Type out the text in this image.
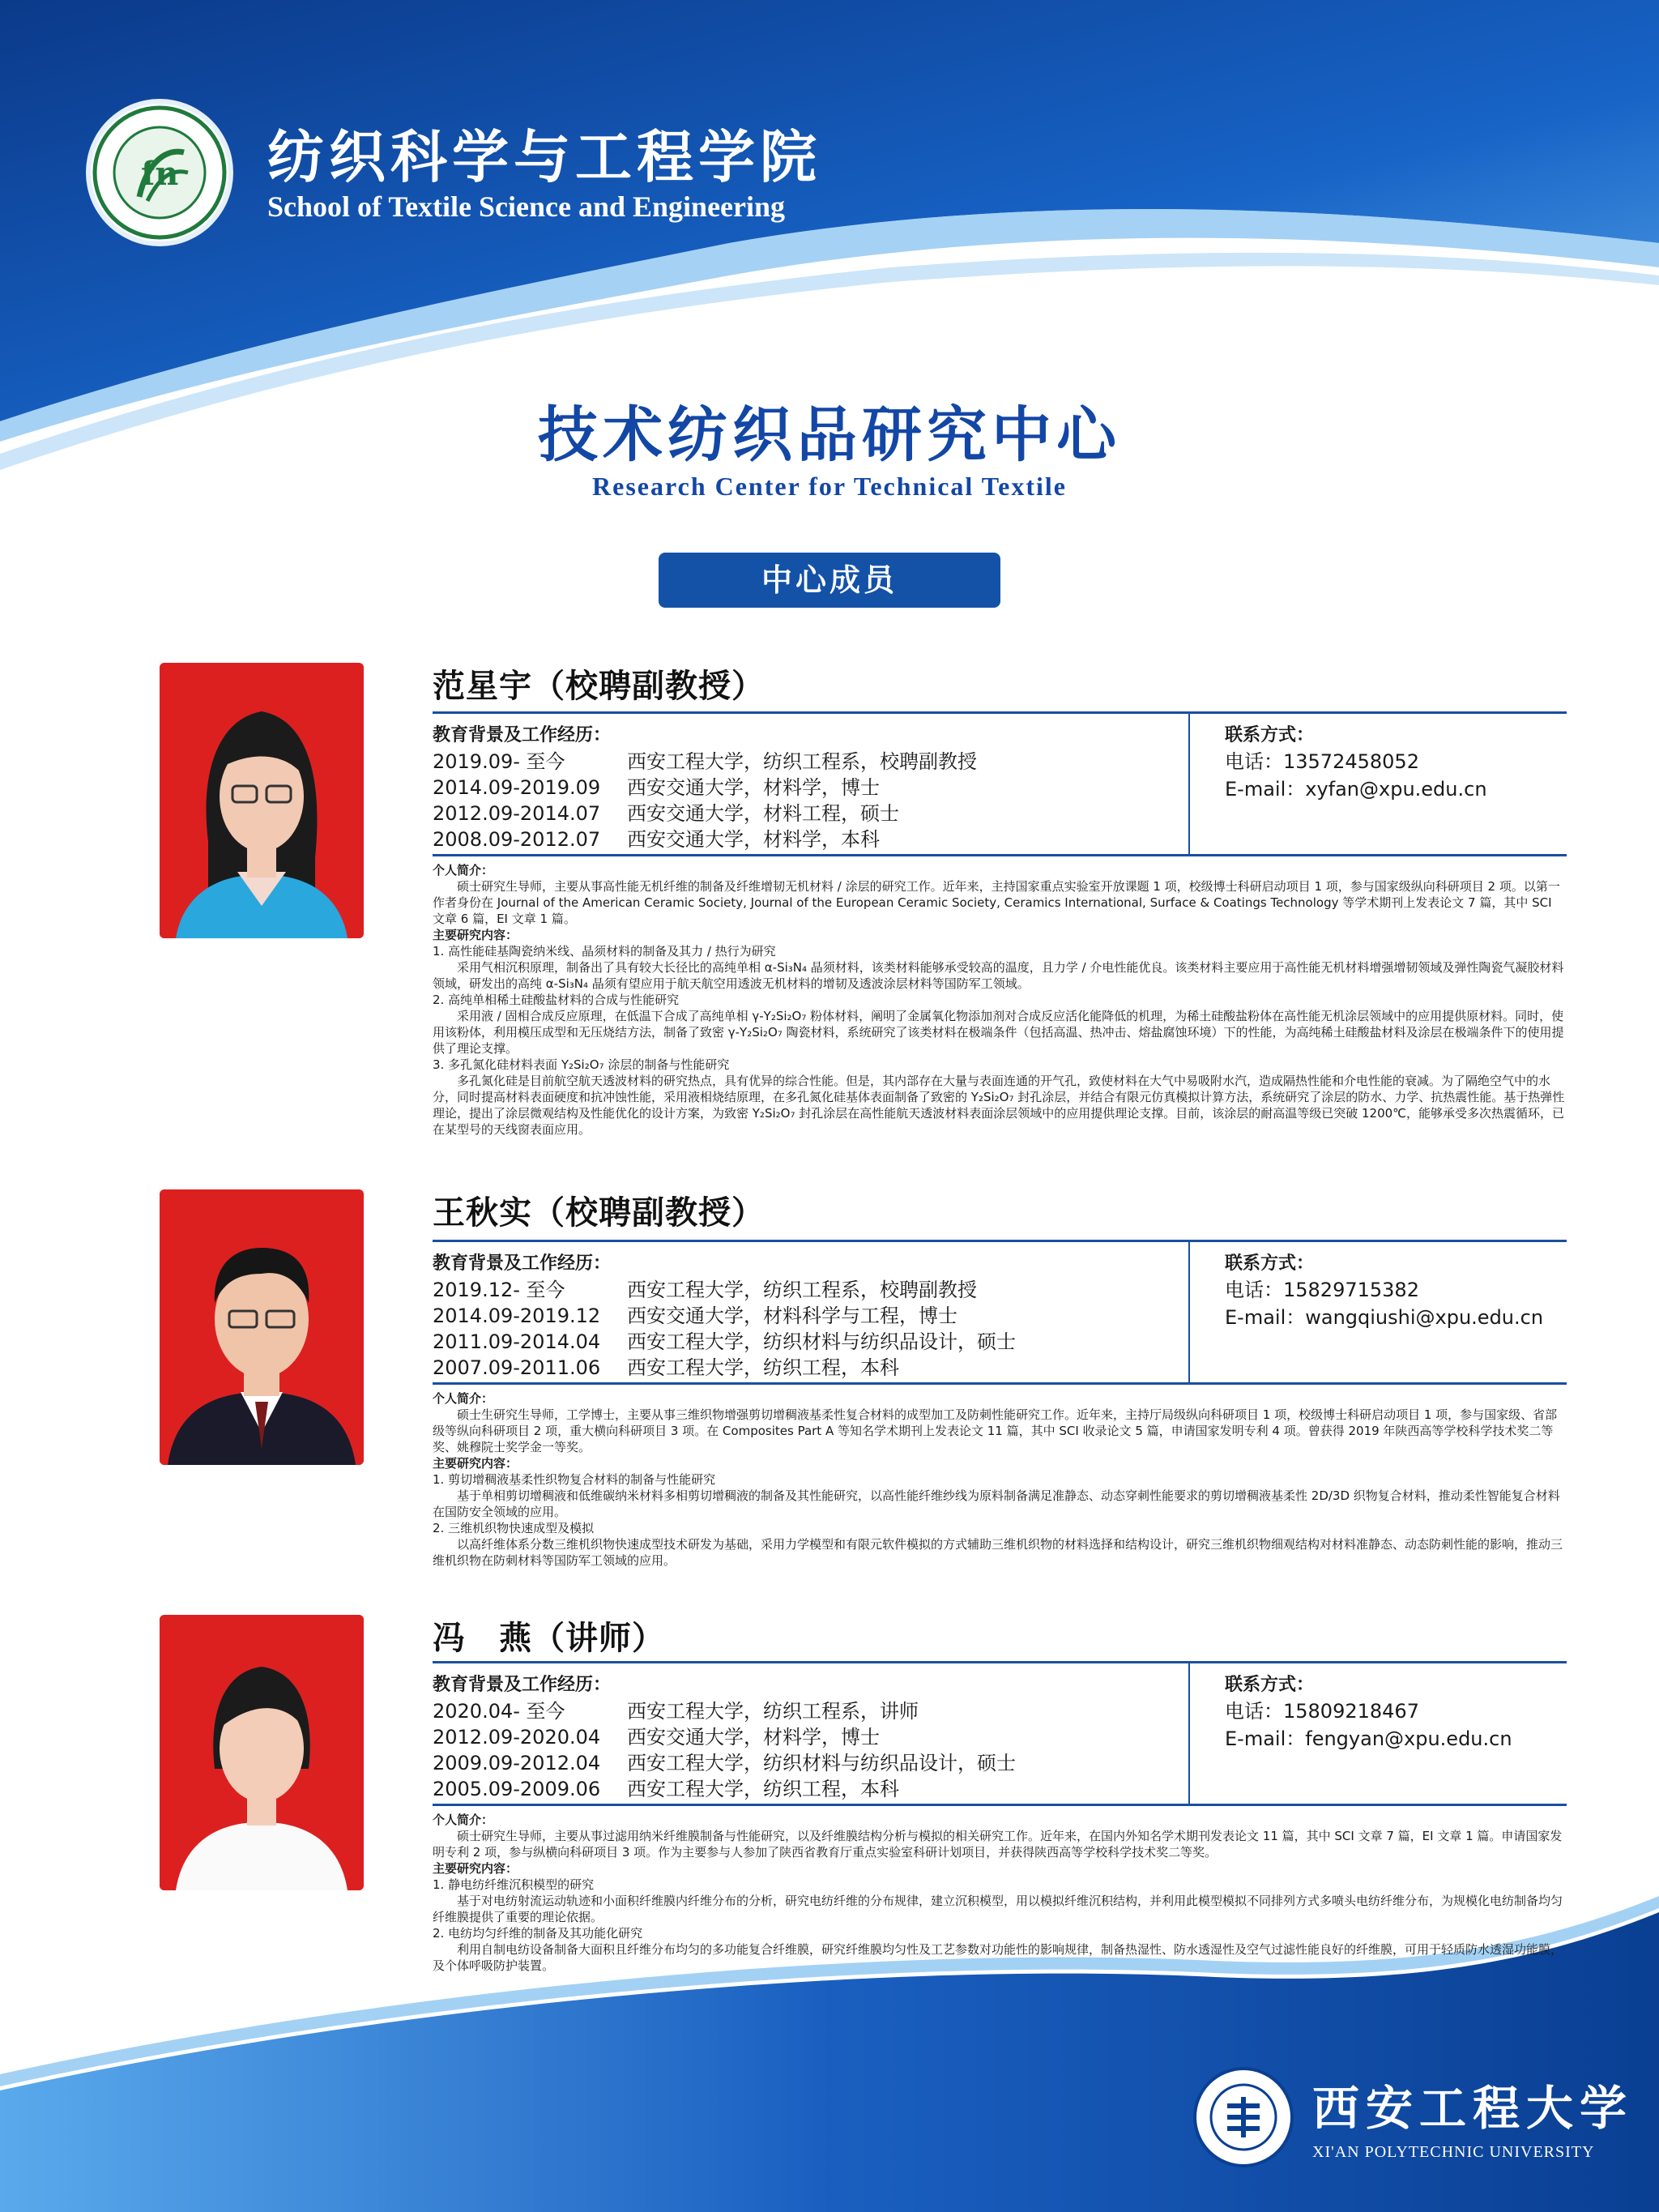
fn 纺织科学与工程学院
School of Textile Science and Engineering
技术纺织品研究中心
Research Center for Technical Textile
中心成员
范星宇（校聘副教授）
教育背景及工作经历：	联系方式：
2019.09- 至今	西安工程大学，纺织工程系，校聘副教授
2014.09-2019.09 西安交通大学，材料学，博士
2012.09-2014.07 西安交通大学，材料工程，硕士
2008.09-2012.07 西安交通大学，材料学，本科
电话：13572458052
E-mail：xyfan@xpu.edu.cn

个人简介：

硕士研究生导师，主要从事高性能无机纤维的制备及纤维增韧无机材料 / 涂层的研究工作。近年来，主持国家重点实验室开放课题 1 项，校级博士科研启动项目 1 项，参与国家级纵向科研项目 2 项。以第一作者身份在 Journal of the American Ceramic Society, Journal of the European Ceramic Society, Ceramics International, Surface & Coatings Technology 等学术期刊上发表论文 7 篇，其中 SCI 文章 6 篇，EI 文章 1 篇。

主要研究内容：

1. 高性能硅基陶瓷纳米线、晶须材料的制备及其力 / 热行为研究

采用气相沉积原理，制备出了具有较大长径比的高纯单相 α-Si₃N₄ 晶须材料，该类材料能够承受较高的温度，且力学 / 介电性能优良。该类材料主要应用于高性能无机材料增强增韧领域及弹性陶瓷气凝胶材料领域，研发出的高纯 α-Si₃N₄ 晶须有望应用于航天航空用透波无机材料的增韧及透波涂层材料等国防军工领域。

2. 高纯单相稀土硅酸盐材料的合成与性能研究

采用液 / 固相合成反应原理，在低温下合成了高纯单相 γ-Y₂Si₂O₇ 粉体材料，阐明了金属氧化物添加剂对合成反应活化能降低的机理，为稀土硅酸盐粉体在高性能无机涂层领域中的应用提供原材料。同时，使用该粉体，利用模压成型和无压烧结方法，制备了致密 γ-Y₂Si₂O₇ 陶瓷材料，系统研究了该类材料在极端条件（包括高温、热冲击、熔盐腐蚀环境）下的性能，为高纯稀土硅酸盐材料及涂层在极端条件下的使用提供了理论支撑。

3. 多孔氮化硅材料表面 Y₂Si₂O₇ 涂层的制备与性能研究

多孔氮化硅是目前航空航天透波材料的研究热点，具有优异的综合性能。但是，其内部存在大量与表面连通的开气孔，致使材料在大气中易吸附水汽，造成隔热性能和介电性能的衰减。为了隔绝空气中的水分，同时提高材料表面硬度和抗冲蚀性能，采用液相烧结原理，在多孔氮化硅基体表面制备了致密的 Y₂Si₂O₇ 封孔涂层，并结合有限元仿真模拟计算方法，系统研究了涂层的防水、力学、抗热震性能。基于热弹性理论，提出了涂层微观结构及性能优化的设计方案，为致密 Y₂Si₂O₇ 封孔涂层在高性能航天透波材料表面涂层领域中的应用提供理论支撑。目前，该涂层的耐高温等级已突破 1200℃，能够承受多次热震循环，已在某型号的天线窗表面应用。

王秋实（校聘副教授）
教育背景及工作经历：	联系方式：
2019.12- 至今	西安工程大学，纺织工程系，校聘副教授
2014.09-2019.12 西安交通大学，材料科学与工程，博士
2011.09-2014.04 西安工程大学，纺织材料与纺织品设计，硕士
2007.09-2011.06 西安工程大学，纺织工程，本科
电话：15829715382
E-mail：wangqiushi@xpu.edu.cn

个人简介：

硕士生研究生导师，工学博士，主要从事三维织物增强剪切增稠液基柔性复合材料的成型加工及防刺性能研究工作。近年来，主持厅局级纵向科研项目 1 项，校级博士科研启动项目 1 项，参与国家级、省部级等纵向科研项目 2 项，重大横向科研项目 3 项。在 Composites Part A 等知名学术期刊上发表论文 11 篇，其中 SCI 收录论文 5 篇，申请国家发明专利 4 项。曾获得 2019 年陕西高等学校科学技术奖二等奖、姚穆院士奖学金一等奖。

主要研究内容：

1. 剪切增稠液基柔性织物复合材料的制备与性能研究

基于单相剪切增稠液和低维碳纳米材料多相剪切增稠液的制备及其性能研究，以高性能纤维纱线为原料制备满足准静态、动态穿刺性能要求的剪切增稠液基柔性 2D/3D 织物复合材料，推动柔性智能复合材料在国防安全领域的应用。

2. 三维机织物快速成型及模拟

以高纤维体系分数三维机织物快速成型技术研发为基础，采用力学模型和有限元软件模拟的方式辅助三维机织物的材料选择和结构设计，研究三维机织物细观结构对材料准静态、动态防刺性能的影响，推动三维机织物在防刺材料等国防军工领域的应用。

冯　燕（讲师）
教育背景及工作经历：	联系方式：
2020.04- 至今	西安工程大学，纺织工程系，讲师
2012.09-2020.04 西安交通大学，材料学，博士
2009.09-2012.04 西安工程大学，纺织材料与纺织品设计，硕士
2005.09-2009.06 西安工程大学，纺织工程，本科
电话：15809218467
E-mail：fengyan@xpu.edu.cn

个人简介：

硕士研究生导师，主要从事过滤用纳米纤维膜制备与性能研究，以及纤维膜结构分析与模拟的相关研究工作。近年来，在国内外知名学术期刊发表论文 11 篇，其中 SCI 文章 7 篇，EI 文章 1 篇。申请国家发明专利 2 项，参与纵横向科研项目 3 项。作为主要参与人参加了陕西省教育厅重点实验室科研计划项目，并获得陕西高等学校科学技术奖二等奖。

主要研究内容：

1. 静电纺纤维沉积模型的研究

基于对电纺射流运动轨迹和小面积纤维膜内纤维分布的分析，研究电纺纤维的分布规律，建立沉积模型，用以模拟纤维沉积结构，并利用此模型模拟不同排列方式多喷头电纺纤维分布，为规模化电纺制备均匀纤维膜提供了重要的理论依据。

2. 电纺均匀纤维的制备及其功能化研究

利用自制电纺设备制备大面积且纤维分布均匀的多功能复合纤维膜，研究纤维膜均匀性及工艺参数对功能性的影响规律，制备热湿性、防水透湿性及空气过滤性能良好的纤维膜，可用于轻质防水透湿功能膜，及个体呼吸防护装置。

西安工程大学
XI'AN POLYTECHNIC UNIVERSITY
